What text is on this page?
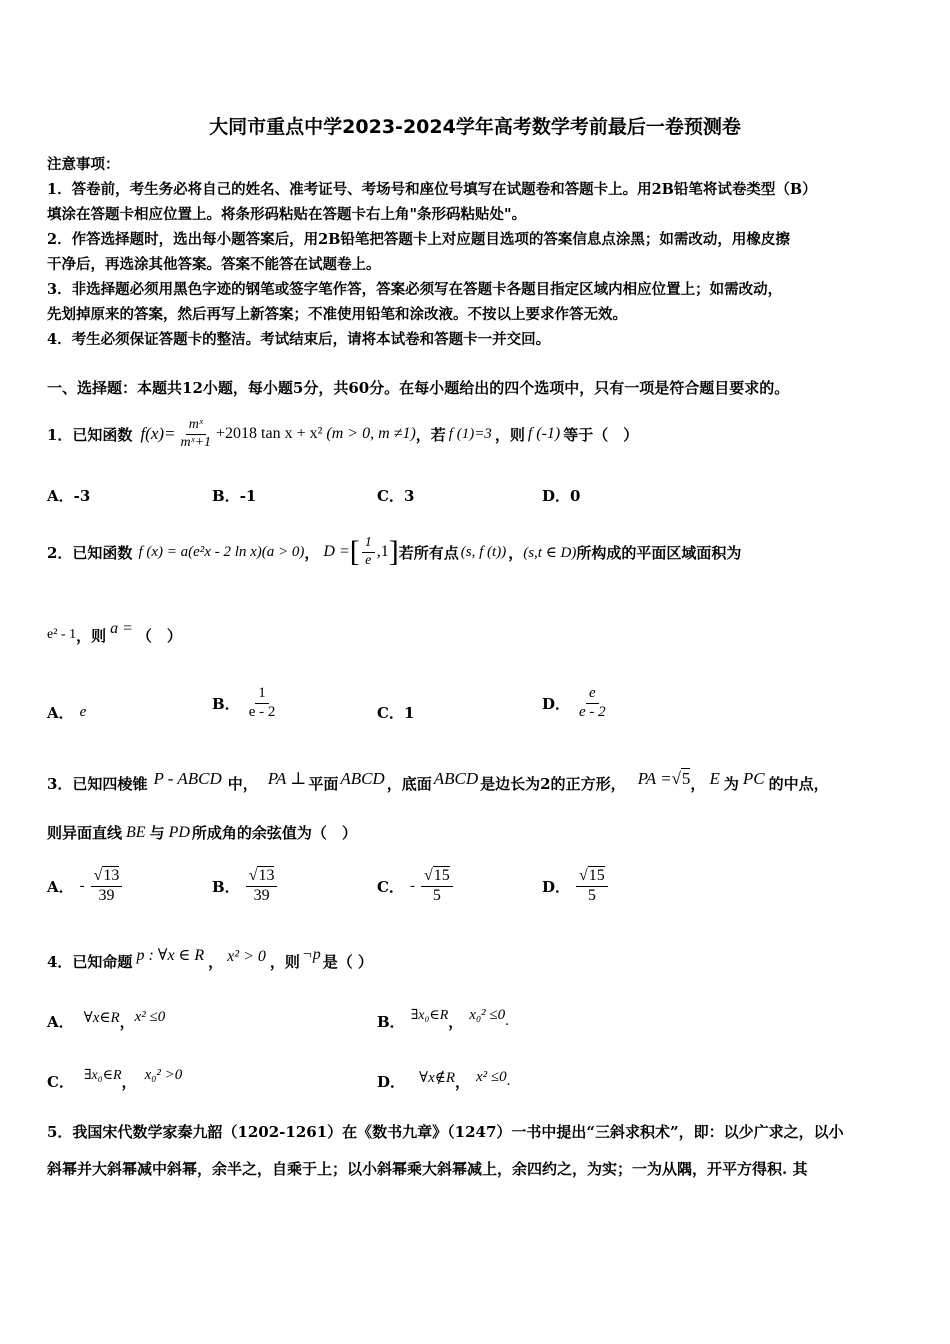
大同市重点中学2023-2024学年高考数学考前最后一卷预测卷
注意事项：
1．答卷前，考生务必将自己的姓名、准考证号、考场号和座位号填写在试题卷和答题卡上。用2B铅笔将试卷类型（B）
填涂在答题卡相应位置上。将条形码粘贴在答题卡右上角"条形码粘贴处"。
2．作答选择题时，选出每小题答案后，用2B铅笔把答题卡上对应题目选项的答案信息点涂黑；如需改动，用橡皮擦
干净后，再选涂其他答案。答案不能答在试题卷上。
3．非选择题必须用黑色字迹的钢笔或签字笔作答，答案必须写在答题卡各题目指定区域内相应位置上；如需改动，
先划掉原来的答案，然后再写上新答案；不准使用铅笔和涂改液。不按以上要求作答无效。
4．考生必须保证答题卡的整洁。考试结束后，请将本试卷和答题卡一并交回。
一、选择题：本题共12小题，每小题5分，共60分。在每小题给出的四个选项中，只有一项是符合题目要求的。
1．已知函数 $f(x)= \frac{\text{mˣ}}{\text{mˣ+1}} +2018$ tan x + x² (m > 0, m ≠1) ，若 f (1)=3 ，则 f (-1) 等于（　）
A．-3	B．-1	C．3	D．0
2．已知函数 f (x) = a(e²x - 2 ln x)(a > 0) ， D = [ $\frac{1}{e} ,1$ ] 若所有点 (s, f (t)) ， (s,t ∈ D) 所构成的平面区域面积为
e² - 1 ，则 a = （　）
A． e	B． $\frac{1}{e - 2}$	C．1
D． $\frac{e}{e - 2}$
3．已知四棱锥 P - ABCD 中， PA ⊥ 平面 ABCD ，底面 ABCD 是边长为2的正方形， PA = √5 ， E 为 PC 的中点，
则异面直线 BE 与 PD 所成角的余弦值为（　）
A． - $\frac{√13}{39}$	B． $\frac{√13}{39}$	C． - $\frac{√15}{5}$	D． $\frac{√15}{5}$
4．已知命题 p : ∀x ∈ R ， x² > 0 ，则 ¬p 是（ ）
A． ∀x∈R ， x² ≤0	B． ∃x₀∈R ， x₀² ≤0 .
C． ∃x₀∈R ， x₀² >0	D． ∀x∉R ， x² ≤0 .
5．我国宋代数学家秦九韶（1202-1261）在《数书九章》（1247）一书中提出“三斜求积术”，即：以少广求之，以小
斜幂并大斜幂减中斜幂，余半之，自乘于上；以小斜幂乘大斜幂减上，余四约之，为实；一为从隅，开平方得积. 其
